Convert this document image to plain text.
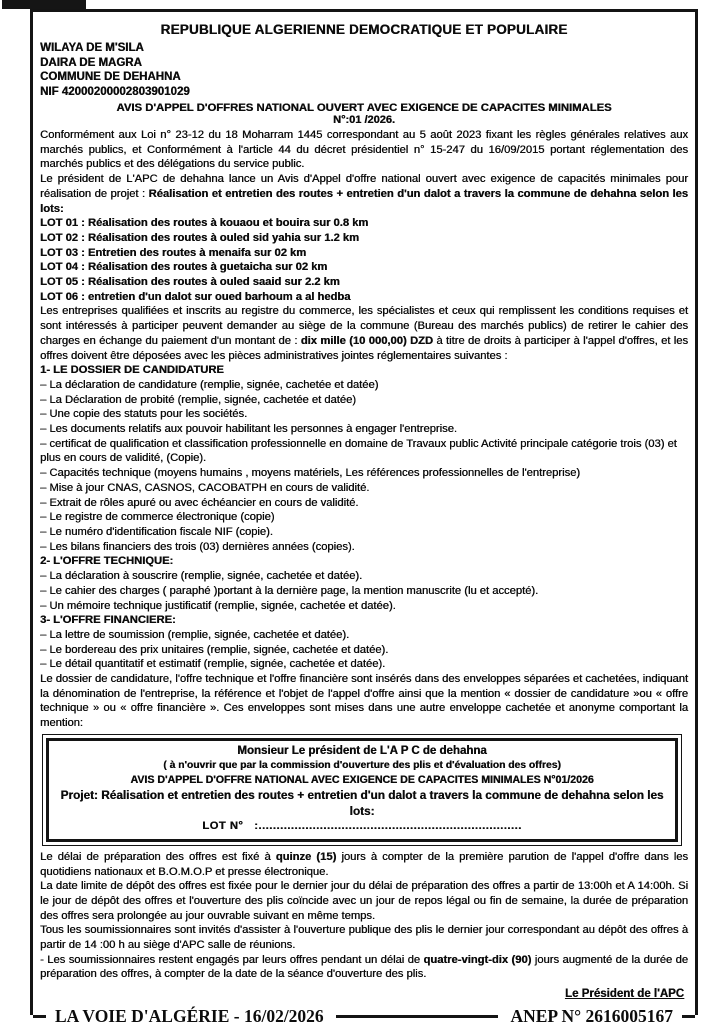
REPUBLIQUE ALGERIENNE DEMOCRATIQUE ET POPULAIRE
WILAYA DE M'SILA
DAIRA DE MAGRA
COMMUNE DE DEHAHNA
NIF 42000200002803901029
AVIS D'APPEL D'OFFRES NATIONAL OUVERT AVEC EXIGENCE DE CAPACITES MINIMALES
N°:01 /2026.
Conformément aux Loi n° 23-12 du 18 Moharram 1445 correspondant au 5 août 2023 fixant les règles générales relatives aux marchés publics, et Conformément à l'article 44 du décret présidentiel n° 15-247 du 16/09/2015 portant réglementation des marchés publics et des délégations du service public.
Le président de L'APC de dehahna lance un Avis d'Appel d'offre national ouvert avec exigence de capacités minimales pour réalisation de projet : Réalisation et entretien des routes + entretien d'un dalot a travers la commune de dehahna selon les lots:
LOT 01 : Réalisation des routes à kouaou et bouira sur 0.8 km
LOT 02 : Réalisation des routes à ouled sid yahia sur 1.2 km
LOT 03 : Entretien des routes à menaifa sur 02 km
LOT 04 : Réalisation des routes à guetaicha sur 02 km
LOT 05 : Réalisation des routes à ouled saaid sur 2.2 km
LOT 06 : entretien d'un dalot sur oued barhoum a al hedba
Les entreprises qualifiées et inscrits au registre du commerce, les spécialistes et ceux qui remplissent les conditions requises et sont intéressés à participer peuvent demander au siège de la commune (Bureau des marchés publics) de retirer le cahier des charges en échange du paiement d'un montant de : dix mille (10 000,00) DZD à titre de droits à participer à l'appel d'offres, et les offres doivent être déposées avec les pièces administratives jointes réglementaires suivantes :
1- LE DOSSIER DE CANDIDATURE
– La déclaration de candidature (remplie, signée, cachetée et datée)
– La Déclaration de probité (remplie, signée, cachetée et datée)
– Une copie des statuts pour les sociétés.
– Les documents relatifs aux pouvoir habilitant les personnes à engager l'entreprise.
– certificat de qualification et classification professionnelle en domaine de Travaux public Activité principale catégorie trois (03) et plus en cours de validité, (Copie).
– Capacités technique (moyens humains , moyens matériels, Les références professionnelles de l'entreprise)
– Mise à jour CNAS, CASNOS, CACOBATPH en cours de validité.
– Extrait de rôles apuré ou avec échéancier en cours de validité.
– Le registre de commerce électronique (copie)
– Le numéro d'identification fiscale NIF (copie).
– Les bilans financiers des trois (03) dernières années (copies).
2- L'OFFRE TECHNIQUE:
– La déclaration à souscrire (remplie, signée, cachetée et datée).
– Le cahier des charges ( paraphé )portant à la dernière page, la mention manuscrite (lu et accepté).
– Un mémoire technique justificatif (remplie, signée, cachetée et datée).
3- L'OFFRE FINANCIERE:
– La lettre de soumission (remplie, signée, cachetée et datée).
– Le bordereau des prix unitaires (remplie, signée, cachetée et datée).
– Le détail quantitatif et estimatif (remplie, signée, cachetée et datée).
Le dossier de candidature, l'offre technique et l'offre financière sont insérés dans des enveloppes séparées et cachetées, indiquant la dénomination de l'entreprise, la référence et l'objet de l'appel d'offre ainsi que la mention « dossier de candidature »ou « offre technique » ou « offre financière ». Ces enveloppes sont mises dans une autre enveloppe cachetée et anonyme comportant la mention:
Monsieur Le président de L'A P C de dehahna
( à n'ouvrir que par la commission d'ouverture des plis et d'évaluation des offres)
AVIS D'APPEL D'OFFRE NATIONAL AVEC EXIGENCE DE CAPACITES MINIMALES N°01/2026
Projet: Réalisation et entretien des routes + entretien d'un dalot a travers la commune de dehahna selon les lots:
LOT N° :.........................................................................
Le délai de préparation des offres est fixé à quinze (15) jours à compter de la première parution de l'appel d'offre dans les quotidiens nationaux et B.O.M.O.P et presse électronique.
La date limite de dépôt des offres est fixée pour le dernier jour du délai de préparation des offres a partir de 13:00h et A 14:00h. Si le jour de dépôt des offres et l'ouverture des plis coïncide avec un jour de repos légal ou fin de semaine, la durée de préparation des offres sera prolongée au jour ouvrable suivant en même temps.
Tous les soumissionnaires sont invités d'assister à l'ouverture publique des plis le dernier jour correspondant au dépôt des offres à partir de 14 :00 h au siège d'APC salle de réunions.
- Les soumissionnaires restent engagés par leurs offres pendant un délai de quatre-vingt-dix (90) jours augmenté de la durée de préparation des offres, à compter de la date de la séance d'ouverture des plis.
Le Président de l'APC
LA VOIE D'ALGÉRIE - 16/02/2026	ANEP N° 2616005167
